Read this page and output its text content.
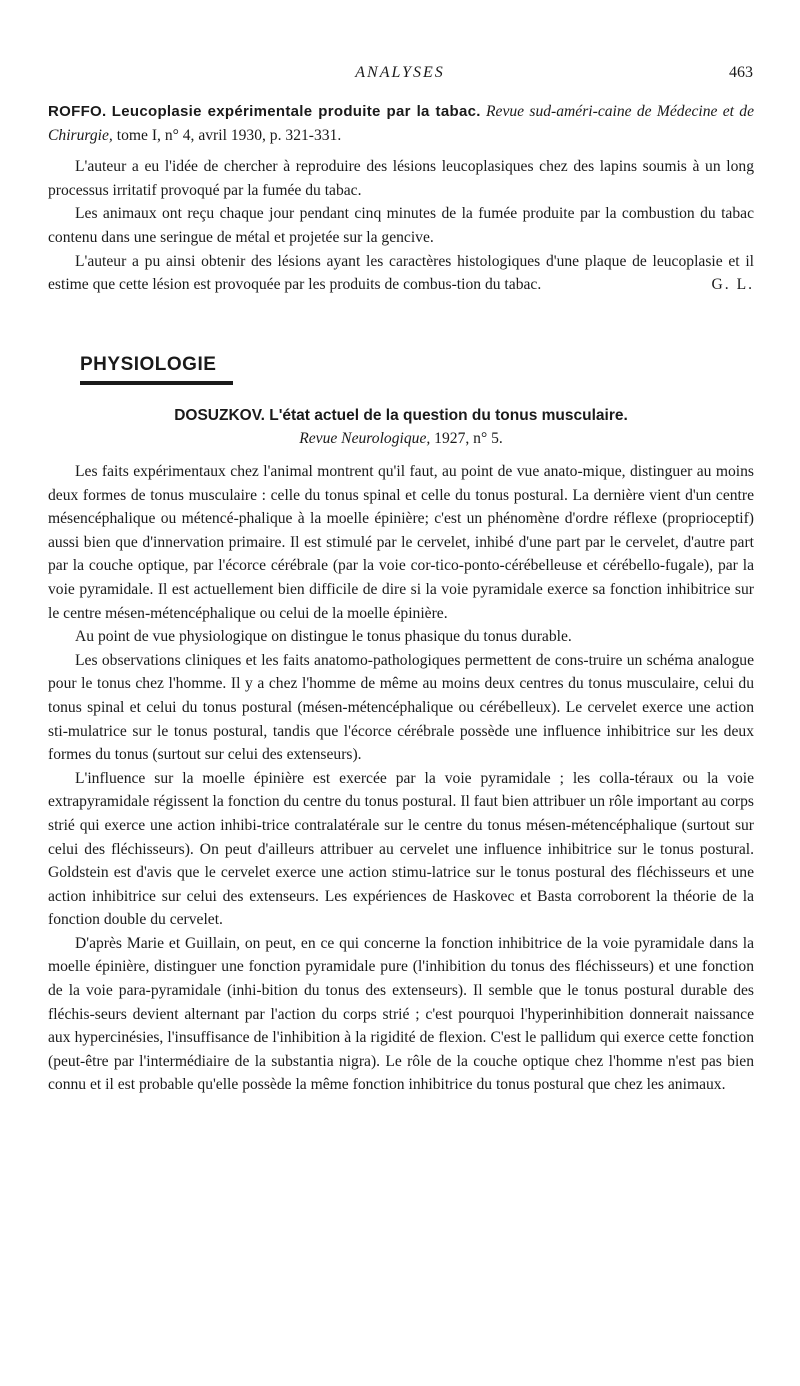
ANALYSES	463

ROFFO. Leucoplasie expérimentale produite par la tabac. Revue sud-améri-caine de Médecine et de Chirurgie, tome I, n° 4, avril 1930, p. 321-331.

L'auteur a eu l'idée de chercher à reproduire des lésions leucoplasiques chez des lapins soumis à un long processus irritatif provoqué par la fumée du tabac.

Les animaux ont reçu chaque jour pendant cinq minutes de la fumée produite par la combustion du tabac contenu dans une seringue de métal et projetée sur la gencive.

L'auteur a pu ainsi obtenir des lésions ayant les caractères histologiques d'une plaque de leucoplasie et il estime que cette lésion est provoquée par les produits de combus-tion du tabac.	G. L.

PHYSIOLOGIE
DOSUZKOV. L'état actuel de la question du tonus musculaire.
Revue Neurologique, 1927, n° 5.

Les faits expérimentaux chez l'animal montrent qu'il faut, au point de vue anato-mique, distinguer au moins deux formes de tonus musculaire : celle du tonus spinal et celle du tonus postural. La dernière vient d'un centre mésencéphalique ou métencé-phalique à la moelle épinière; c'est un phénomène d'ordre réflexe (proprioceptif) aussi bien que d'innervation primaire. Il est stimulé par le cervelet, inhibé d'une part par le cervelet, d'autre part par la couche optique, par l'écorce cérébrale (par la voie cor-tico-ponto-cérébelleuse et cérébello-fugale), par la voie pyramidale. Il est actuellement bien difficile de dire si la voie pyramidale exerce sa fonction inhibitrice sur le centre mésen-métencéphalique ou celui de la moelle épinière.

Au point de vue physiologique on distingue le tonus phasique du tonus durable.

Les observations cliniques et les faits anatomo-pathologiques permettent de cons-truire un schéma analogue pour le tonus chez l'homme. Il y a chez l'homme de même au moins deux centres du tonus musculaire, celui du tonus spinal et celui du tonus postural (mésen-métencéphalique ou cérébelleux). Le cervelet exerce une action sti-mulatrice sur le tonus postural, tandis que l'écorce cérébrale possède une influence inhibitrice sur les deux formes du tonus (surtout sur celui des extenseurs).

L'influence sur la moelle épinière est exercée par la voie pyramidale ; les colla-téraux ou la voie extrapyramidale régissent la fonction du centre du tonus postural. Il faut bien attribuer un rôle important au corps strié qui exerce une action inhibi-trice contralatérale sur le centre du tonus mésen-métencéphalique (surtout sur celui des fléchisseurs). On peut d'ailleurs attribuer au cervelet une influence inhibitrice sur le tonus postural. Goldstein est d'avis que le cervelet exerce une action stimu-latrice sur le tonus postural des fléchisseurs et une action inhibitrice sur celui des extenseurs. Les expériences de Haskovec et Basta corroborent la théorie de la fonction double du cervelet.

D'après Marie et Guillain, on peut, en ce qui concerne la fonction inhibitrice de la voie pyramidale dans la moelle épinière, distinguer une fonction pyramidale pure (l'inhibition du tonus des fléchisseurs) et une fonction de la voie para-pyramidale (inhi-bition du tonus des extenseurs). Il semble que le tonus postural durable des fléchis-seurs devient alternant par l'action du corps strié ; c'est pourquoi l'hyperinhibition donnerait naissance aux hypercinésies, l'insuffisance de l'inhibition à la rigidité de flexion. C'est le pallidum qui exerce cette fonction (peut-être par l'intermédiaire de la substantia nigra). Le rôle de la couche optique chez l'homme n'est pas bien connu et il est probable qu'elle possède la même fonction inhibitrice du tonus postural que chez les animaux.
